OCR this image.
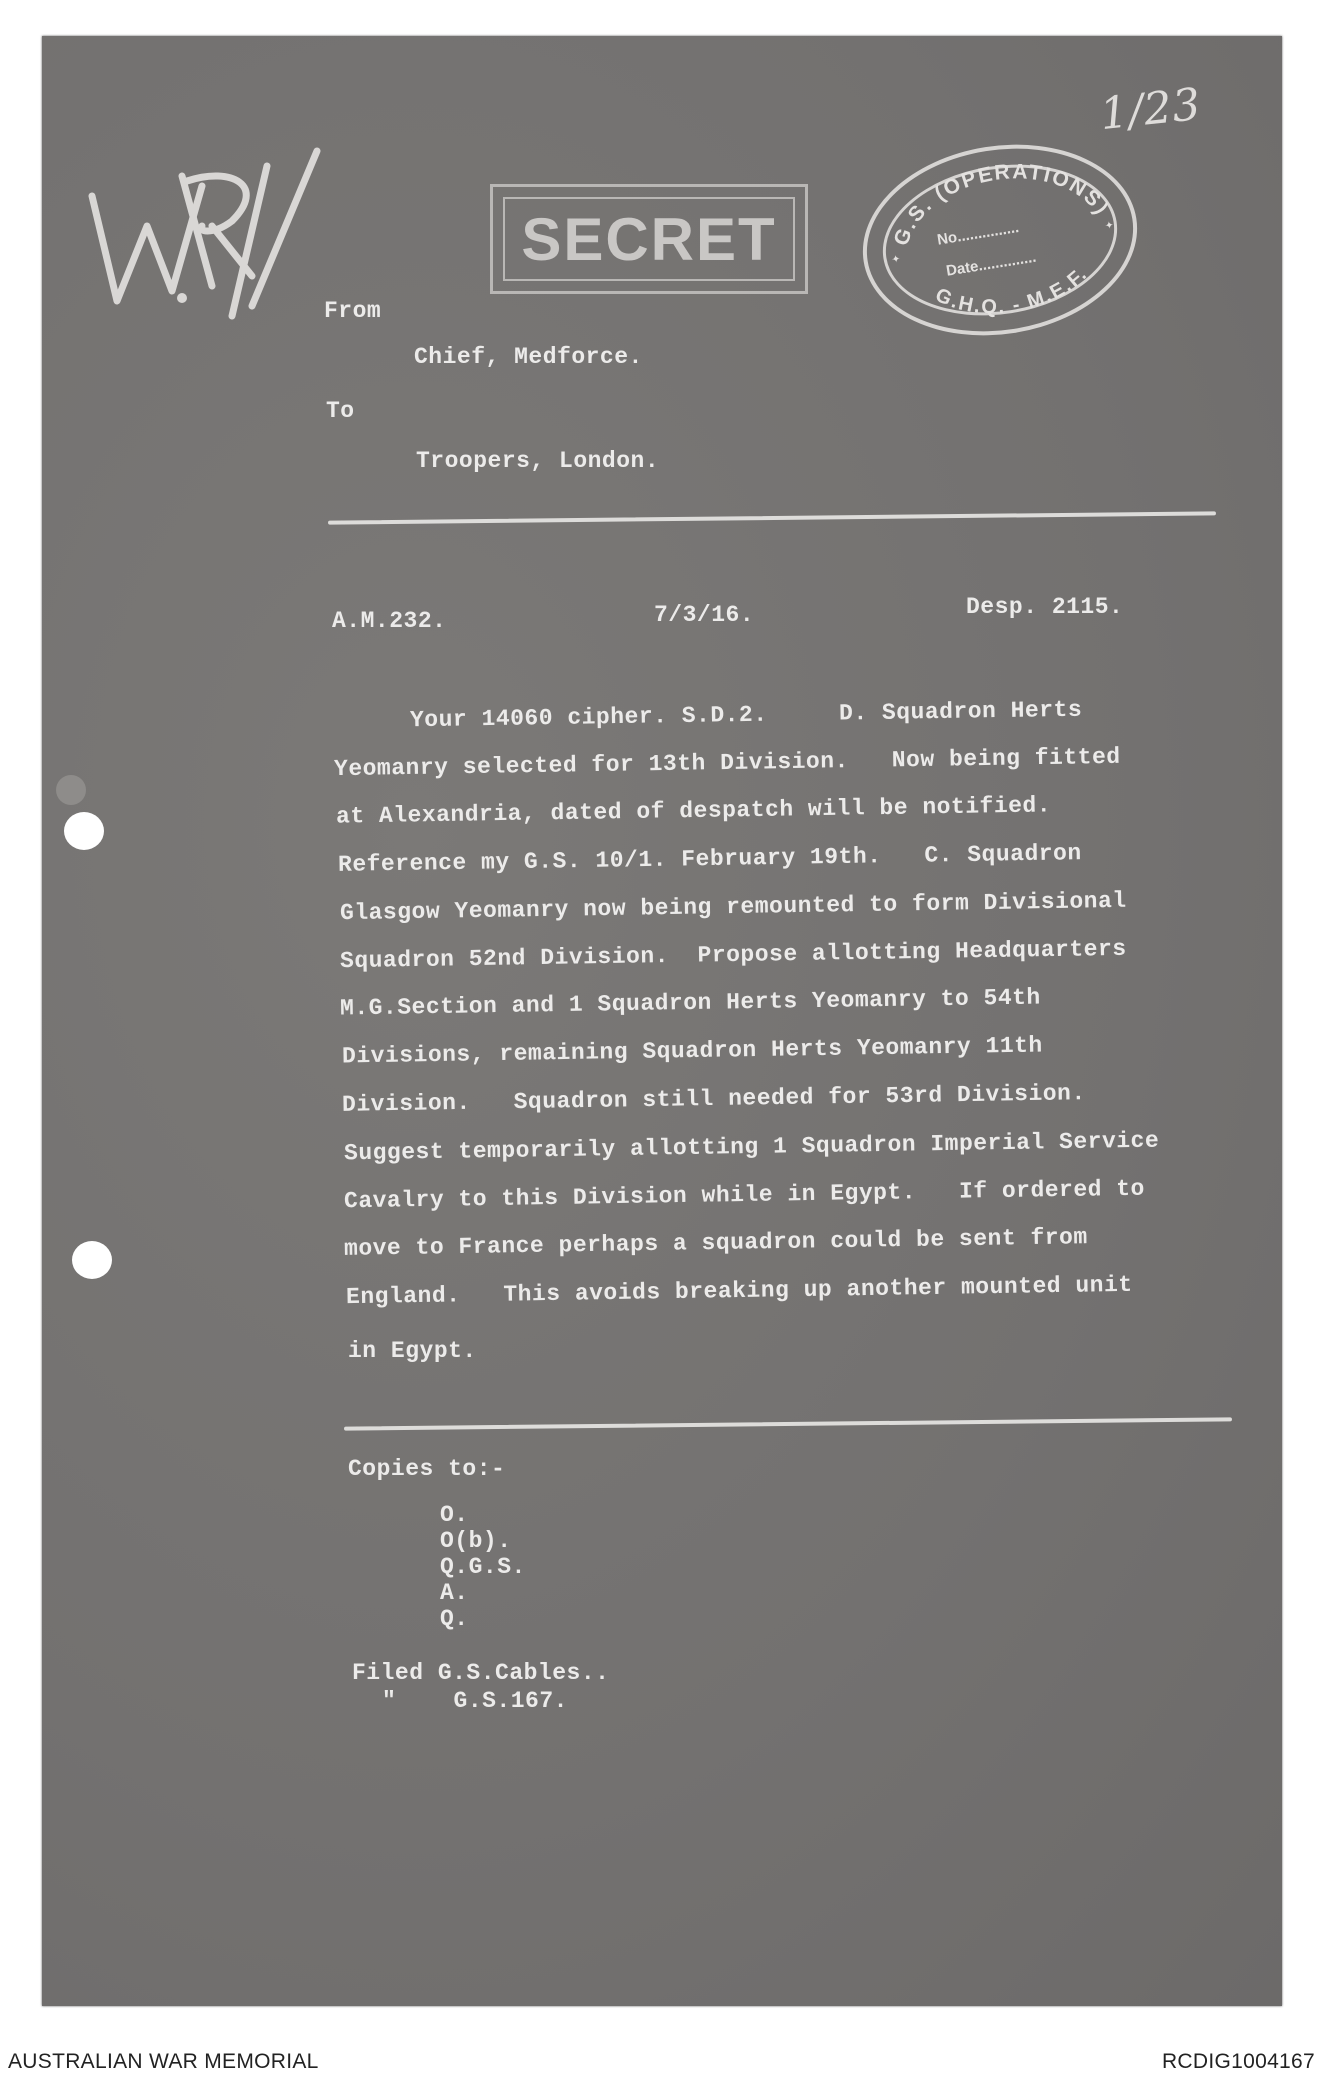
1/23
SECRET	G.S. (OPERATIONS)
G.H.Q. - M.E.F.
No...............
Date..............
✦
✦
From
Chief, Medforce.
To
Troopers, London.
A.M.232.	7/3/16.	Desp. 2115.
Your 14060 cipher. S.D.2.     D. Squadron Herts
Yeomanry selected for 13th Division.   Now being fitted
at Alexandria, dated of despatch will be notified.
Reference my G.S. 10/1. February 19th.   C. Squadron
Glasgow Yeomanry now being remounted to form Divisional
Squadron 52nd Division.  Propose allotting Headquarters
M.G.Section and 1 Squadron Herts Yeomanry to 54th
Divisions, remaining Squadron Herts Yeomanry 11th
Division.   Squadron still needed for 53rd Division.
Suggest temporarily allotting 1 Squadron Imperial Service
Cavalry to this Division while in Egypt.   If ordered to
move to France perhaps a squadron could be sent from
England.   This avoids breaking up another mounted unit
in Egypt.
Copies to:-
O.
O(b).
Q.G.S.
A.
Q.
Filed G.S.Cables..
"    G.S.167.
AUSTRALIAN WAR MEMORIAL	RCDIG1004167
